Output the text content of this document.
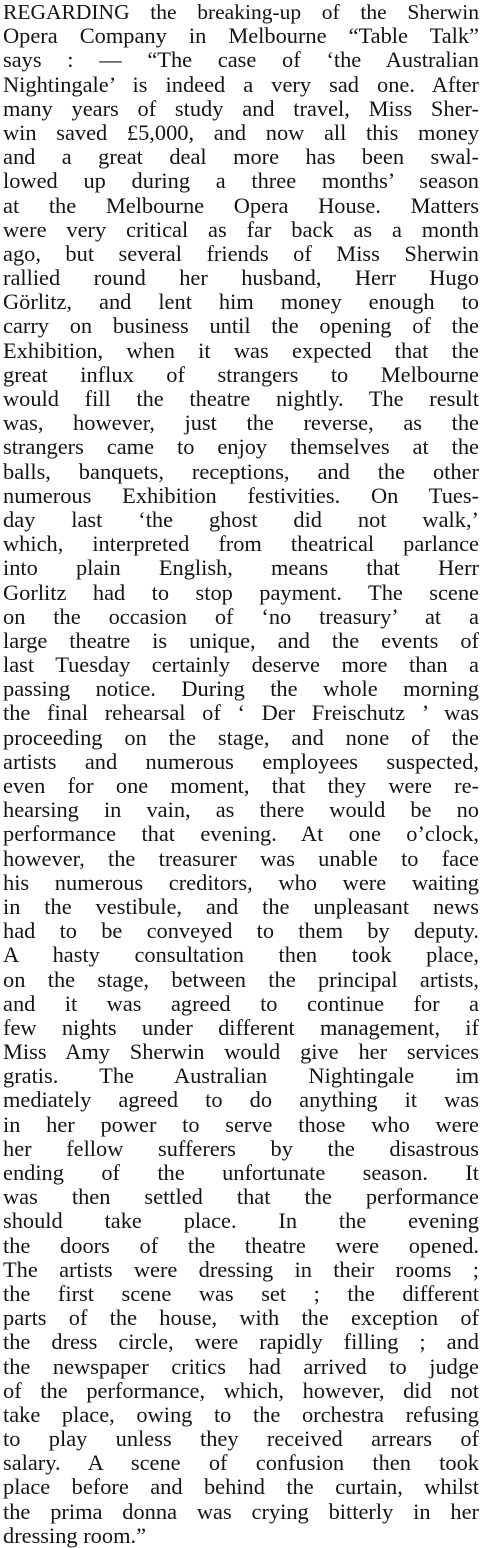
REGARDING the breaking-up of the Sherwin
Opera Company in Melbourne “Table Talk”
says : — “The case of ‘the Australian
Nightingale’ is indeed a very sad one. After
many years of study and travel, Miss Sher-
win saved £5,000, and now all this money
and a great deal more has been swal-
lowed up during a three months’ season
at the Melbourne Opera House. Matters
were very critical as far back as a month
ago, but several friends of Miss Sherwin
rallied round her husband, Herr Hugo
Görlitz, and lent him money enough to
carry on business until the opening of the
Exhibition, when it was expected that the
great influx of strangers to Melbourne
would fill the theatre nightly. The result
was, however, just the reverse, as the
strangers came to enjoy themselves at the
balls, banquets, receptions, and the other
numerous Exhibition festivities. On Tues-
day last ‘the ghost did not walk,’
which, interpreted from theatrical parlance
into plain English, means that Herr
Gorlitz had to stop payment. The scene
on the occasion of ‘no treasury’ at a
large theatre is unique, and the events of
last Tuesday certainly deserve more than a
passing notice. During the whole morning
the final rehearsal of ‘ Der Freischutz ’ was
proceeding on the stage, and none of the
artists and numerous employees suspected,
even for one moment, that they were re-
hearsing in vain, as there would be no
performance that evening. At one o’clock,
however, the treasurer was unable to face
his numerous creditors, who were waiting
in the vestibule, and the unpleasant news
had to be conveyed to them by deputy.
A hasty consultation then took place,
on the stage, between the principal artists,
and it was agreed to continue for a
few nights under different management, if
Miss Amy Sherwin would give her services
gratis. The Australian Nightingale im
mediately agreed to do anything it was
in her power to serve those who were
her fellow sufferers by the disastrous
ending of the unfortunate season. It
was then settled that the performance
should take place. In the evening
the doors of the theatre were opened.
The artists were dressing in their rooms ;
the first scene was set ; the different
parts of the house, with the exception of
the dress circle, were rapidly filling ; and
the newspaper critics had arrived to judge
of the performance, which, however, did not
take place, owing to the orchestra refusing
to play unless they received arrears of
salary. A scene of confusion then took
place before and behind the curtain, whilst
the prima donna was crying bitterly in her
dressing room.”
